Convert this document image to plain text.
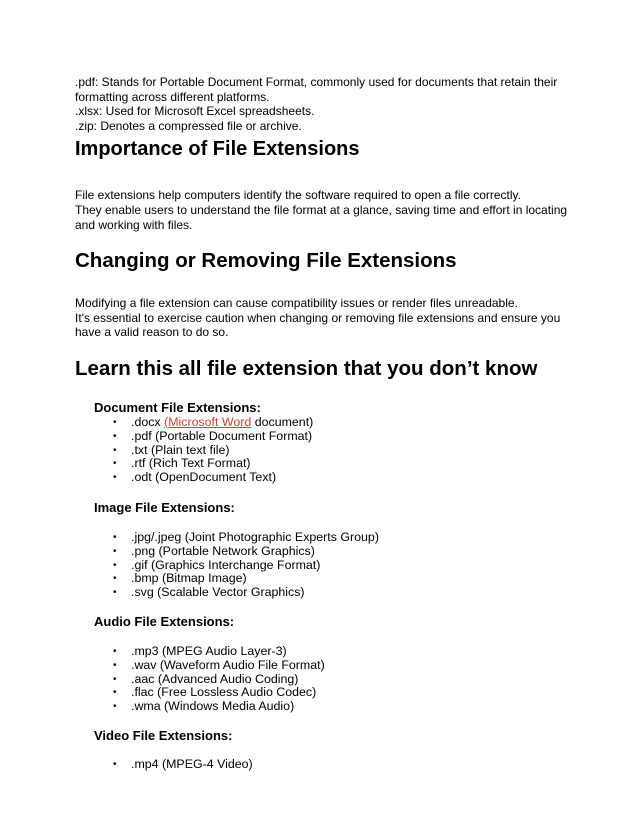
.pdf: Stands for Portable Document Format, commonly used for documents that retain their

formatting across different platforms.

.xlsx: Used for Microsoft Excel spreadsheets.

.zip: Denotes a compressed file or archive.

Importance of File Extensions

File extensions help computers identify the software required to open a file correctly.

They enable users to understand the file format at a glance, saving time and effort in locating

and working with files.

Changing or Removing File Extensions

Modifying a file extension can cause compatibility issues or render files unreadable.

It's essential to exercise caution when changing or removing file extensions and ensure you

have a valid reason to do so.

Learn this all file extension that you don’t know
Document File Extensions:
• .docx (Microsoft Word document)
• .pdf (Portable Document Format)
• .txt (Plain text file)
• .rtf (Rich Text Format)
• .odt (OpenDocument Text)
Image File Extensions:
• .jpg/.jpeg (Joint Photographic Experts Group)
• .png (Portable Network Graphics)
• .gif (Graphics Interchange Format)
• .bmp (Bitmap Image)
• .svg (Scalable Vector Graphics)
Audio File Extensions:
• .mp3 (MPEG Audio Layer-3)
• .wav (Waveform Audio File Format)
• .aac (Advanced Audio Coding)
• .flac (Free Lossless Audio Codec)
• .wma (Windows Media Audio)
Video File Extensions:
• .mp4 (MPEG-4 Video)
